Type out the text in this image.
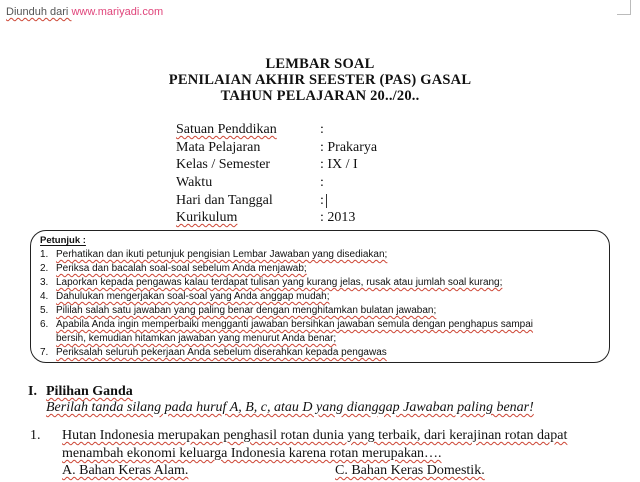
Diunduh dari www.mariyadi.com
LEMBAR SOAL
PENILAIAN AKHIR SEESTER (PAS) GASAL
TAHUN PELAJARAN 20../20..
Satuan Penddikan	:
Mata Pelajaran	: Prakarya
Kelas / Semester	: IX / I
Waktu	:
Hari dan Tanggal	:
Kurikulum	: 2013
Petunjuk :
1. Perhatikan dan ikuti petunjuk pengisian Lembar Jawaban yang disediakan;
2. Periksa dan bacalah soal-soal sebelum Anda menjawab;
3. Laporkan kepada pengawas kalau terdapat tulisan yang kurang jelas, rusak atau jumlah soal kurang;
4. Dahulukan mengerjakan soal-soal yang Anda anggap mudah;
5. Pililah salah satu jawaban yang paling benar dengan menghitamkan bulatan jawaban;
6. Apabila Anda ingin memperbaiki mengganti jawaban bersihkan jawaban semula dengan penghapus sampai
bersih, kemudian hitamkan jawaban yang menurut Anda benar;
7. Periksalah seluruh pekerjaan Anda sebelum diserahkan kepada pengawas
I. Pilihan Ganda
Berilah tanda silang pada huruf A, B, c, atau D yang dianggap Jawaban paling benar!
1. Hutan Indonesia merupakan penghasil rotan dunia yang terbaik, dari kerajinan rotan dapat
menambah ekonomi keluarga Indonesia karena rotan merupakan….
A. Bahan Keras Alam.	C. Bahan Keras Domestik.
